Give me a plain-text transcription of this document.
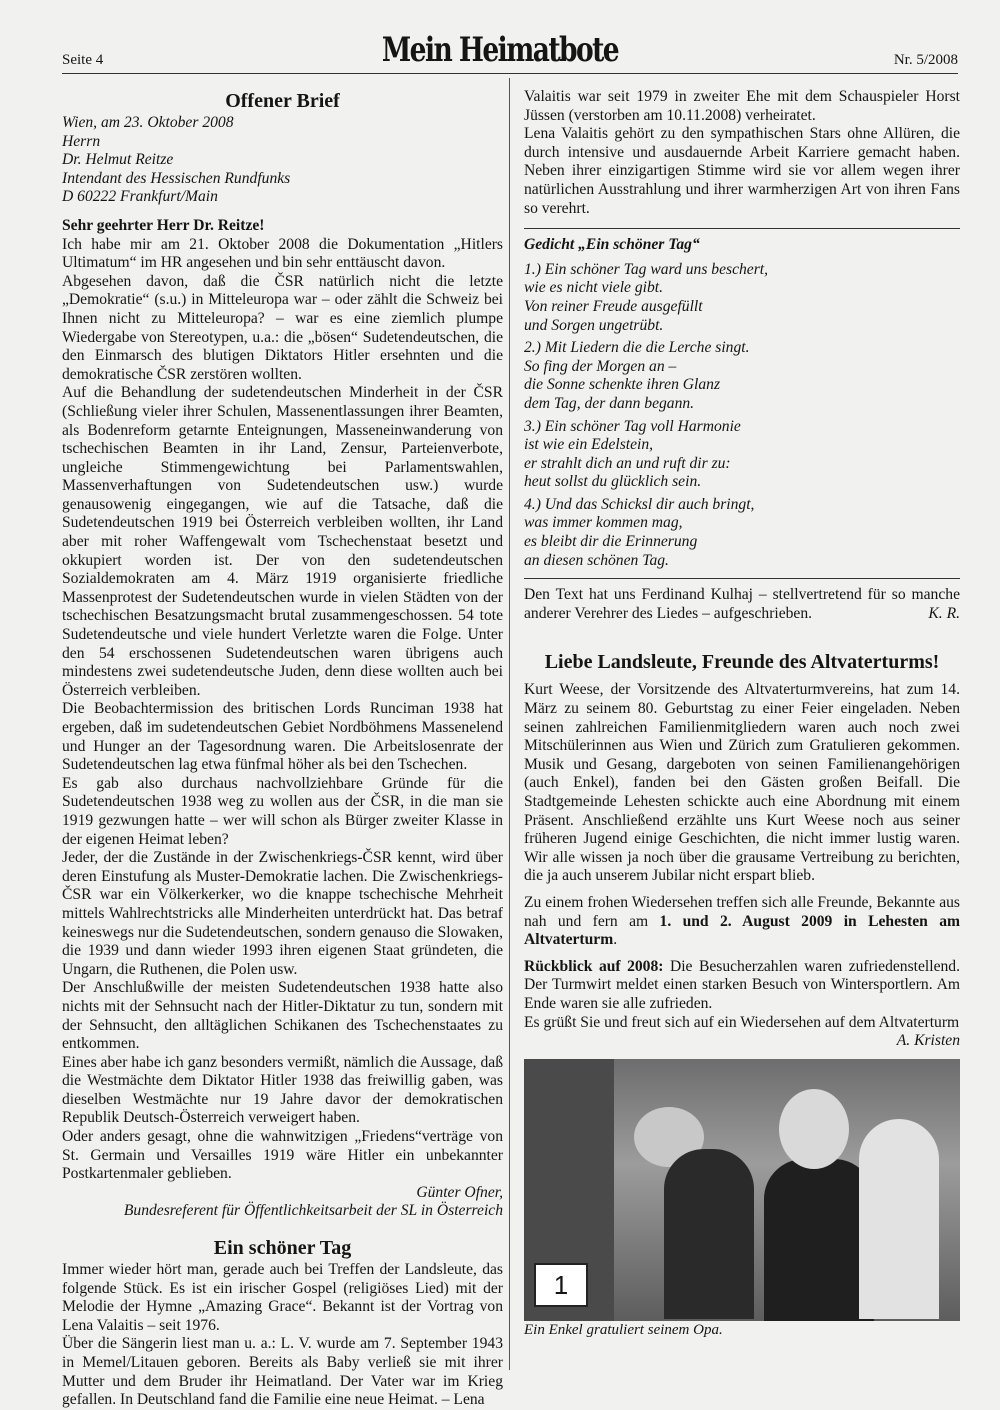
Seite 4	Mein Heimatbote	Nr. 5/2008
Offener Brief

Wien, am 23. Oktober 2008

Herrn

Dr. Helmut Reitze

Intendant des Hessischen Rundfunks

D 60222 Frankfurt/Main

Sehr geehrter Herr Dr. Reitze!

Ich habe mir am 21. Oktober 2008 die Dokumentation „Hitlers Ultimatum“ im HR angesehen und bin sehr enttäuscht davon.

Abgesehen davon, daß die ČSR natürlich nicht die letzte „Demokratie“ (s.u.) in Mitteleuropa war – oder zählt die Schweiz bei Ihnen nicht zu Mitteleuropa? – war es eine ziemlich plumpe Wiedergabe von Stereotypen, u.a.: die „bösen“ Sudetendeutschen, die den Einmarsch des blutigen Diktators Hitler ersehnten und die demokratische ČSR zerstören wollten.

Auf die Behandlung der sudetendeutschen Minderheit in der ČSR (Schließung vieler ihrer Schulen, Massenentlassungen ihrer Beamten, als Bodenreform getarnte Enteignungen, Masseneinwanderung von tschechischen Beamten in ihr Land, Zensur, Parteienverbote, ungleiche Stimmengewichtung bei Parlamentswahlen, Massenverhaftungen von Sudetendeutschen usw.) wurde genausowenig eingegangen, wie auf die Tatsache, daß die Sudetendeutschen 1919 bei Österreich verbleiben wollten, ihr Land aber mit roher Waffengewalt vom Tschechenstaat besetzt und okkupiert worden ist. Der von den sudetendeutschen Sozialdemokraten am 4. März 1919 organisierte friedliche Massenprotest der Sudetendeutschen wurde in vielen Städten von der tschechischen Besatzungsmacht brutal zusammengeschossen. 54 tote Sudetendeutsche und viele hundert Verletzte waren die Folge. Unter den 54 erschossenen Sudetendeutschen waren übrigens auch mindestens zwei sudetendeutsche Juden, denn diese wollten auch bei Österreich verbleiben.

Die Beobachtermission des britischen Lords Runciman 1938 hat ergeben, daß im sudetendeutschen Gebiet Nordböhmens Massenelend und Hunger an der Tagesordnung waren. Die Arbeitslosenrate der Sudetendeutschen lag etwa fünfmal höher als bei den Tschechen.

Es gab also durchaus nachvollziehbare Gründe für die Sudetendeutschen 1938 weg zu wollen aus der ČSR, in die man sie 1919 gezwungen hatte – wer will schon als Bürger zweiter Klasse in der eigenen Heimat leben?

Jeder, der die Zustände in der Zwischenkriegs-ČSR kennt, wird über deren Einstufung als Muster-Demokratie lachen. Die Zwischenkriegs-ČSR war ein Völkerkerker, wo die knappe tschechische Mehrheit mittels Wahlrechtstricks alle Minderheiten unterdrückt hat. Das betraf keineswegs nur die Sudetendeutschen, sondern genauso die Slowaken, die 1939 und dann wieder 1993 ihren eigenen Staat gründeten, die Ungarn, die Ruthenen, die Polen usw.

Der Anschlußwille der meisten Sudetendeutschen 1938 hatte also nichts mit der Sehnsucht nach der Hitler-Diktatur zu tun, sondern mit der Sehnsucht, den alltäglichen Schikanen des Tschechenstaates zu entkommen.

Eines aber habe ich ganz besonders vermißt, nämlich die Aussage, daß die Westmächte dem Diktator Hitler 1938 das freiwillig gaben, was dieselben Westmächte nur 19 Jahre davor der demokratischen Republik Deutsch-Österreich verweigert haben.

Oder anders gesagt, ohne die wahnwitzigen „Friedens“verträge von St. Germain und Versailles 1919 wäre Hitler ein unbekannter Postkartenmaler geblieben.

Günter Ofner,

Bundesreferent für Öffentlichkeitsarbeit der SL in Österreich

Ein schöner Tag

Immer wieder hört man, gerade auch bei Treffen der Landsleute, das folgende Stück. Es ist ein irischer Gospel (religiöses Lied) mit der Melodie der Hymne „Amazing Grace“. Bekannt ist der Vortrag von Lena Valaitis – seit 1976.

Über die Sängerin liest man u. a.: L. V. wurde am 7. September 1943 in Memel/Litauen geboren. Bereits als Baby verließ sie mit ihrer Mutter und dem Bruder ihr Heimatland. Der Vater war im Krieg gefallen. In Deutschland fand die Familie eine neue Heimat. – Lena

Valaitis war seit 1979 in zweiter Ehe mit dem Schauspieler Horst Jüssen (verstorben am 10.11.2008) verheiratet.

Lena Valaitis gehört zu den sympathischen Stars ohne Allüren, die durch intensive und ausdauernde Arbeit Karriere gemacht haben. Neben ihrer einzigartigen Stimme wird sie vor allem wegen ihrer natürlichen Ausstrahlung und ihrer warmherzigen Art von ihren Fans so verehrt.

Gedicht „Ein schöner Tag“

1.) Ein schöner Tag ward uns beschert,
wie es nicht viele gibt.
Von reiner Freude ausgefüllt
und Sorgen ungetrübt.

2.) Mit Liedern die die Lerche singt.
So fing der Morgen an –
die Sonne schenkte ihren Glanz
dem Tag, der dann begann.

3.) Ein schöner Tag voll Harmonie
ist wie ein Edelstein,
er strahlt dich an und ruft dir zu:
heut sollst du glücklich sein.

4.) Und das Schicksl dir auch bringt,
was immer kommen mag,
es bleibt dir die Erinnerung
an diesen schönen Tag.

Den Text hat uns Ferdinand Kulhaj – stellvertretend für so manche anderer Verehrer des Liedes – aufgeschrieben.	K. R.

Liebe Landsleute, Freunde des Altvaterturms!

Kurt Weese, der Vorsitzende des Altvaterturmvereins, hat zum 14. März zu seinem 80. Geburtstag zu einer Feier eingeladen. Neben seinen zahlreichen Familienmitgliedern waren auch noch zwei Mitschülerinnen aus Wien und Zürich zum Gratulieren gekommen. Musik und Gesang, dargeboten von seinen Familienangehörigen (auch Enkel), fanden bei den Gästen großen Beifall. Die Stadtgemeinde Lehesten schickte auch eine Abordnung mit einem Präsent. Anschließend erzählte uns Kurt Weese noch aus seiner früheren Jugend einige Geschichten, die nicht immer lustig waren. Wir alle wissen ja noch über die grausame Vertreibung zu berichten, die ja auch unserem Jubilar nicht erspart blieb.

Zu einem frohen Wiedersehen treffen sich alle Freunde, Bekannte aus nah und fern am 1. und 2. August 2009 in Lehesten am Altvaterturm.

Rückblick auf 2008: Die Besucherzahlen waren zufriedenstellend. Der Turmwirt meldet einen starken Besuch von Wintersportlern. Am Ende waren sie alle zufrieden.

Es grüßt Sie und freut sich auf ein Wiedersehen auf dem Altvaterturm

A. Kristen

1

Ein Enkel gratuliert seinem Opa.
